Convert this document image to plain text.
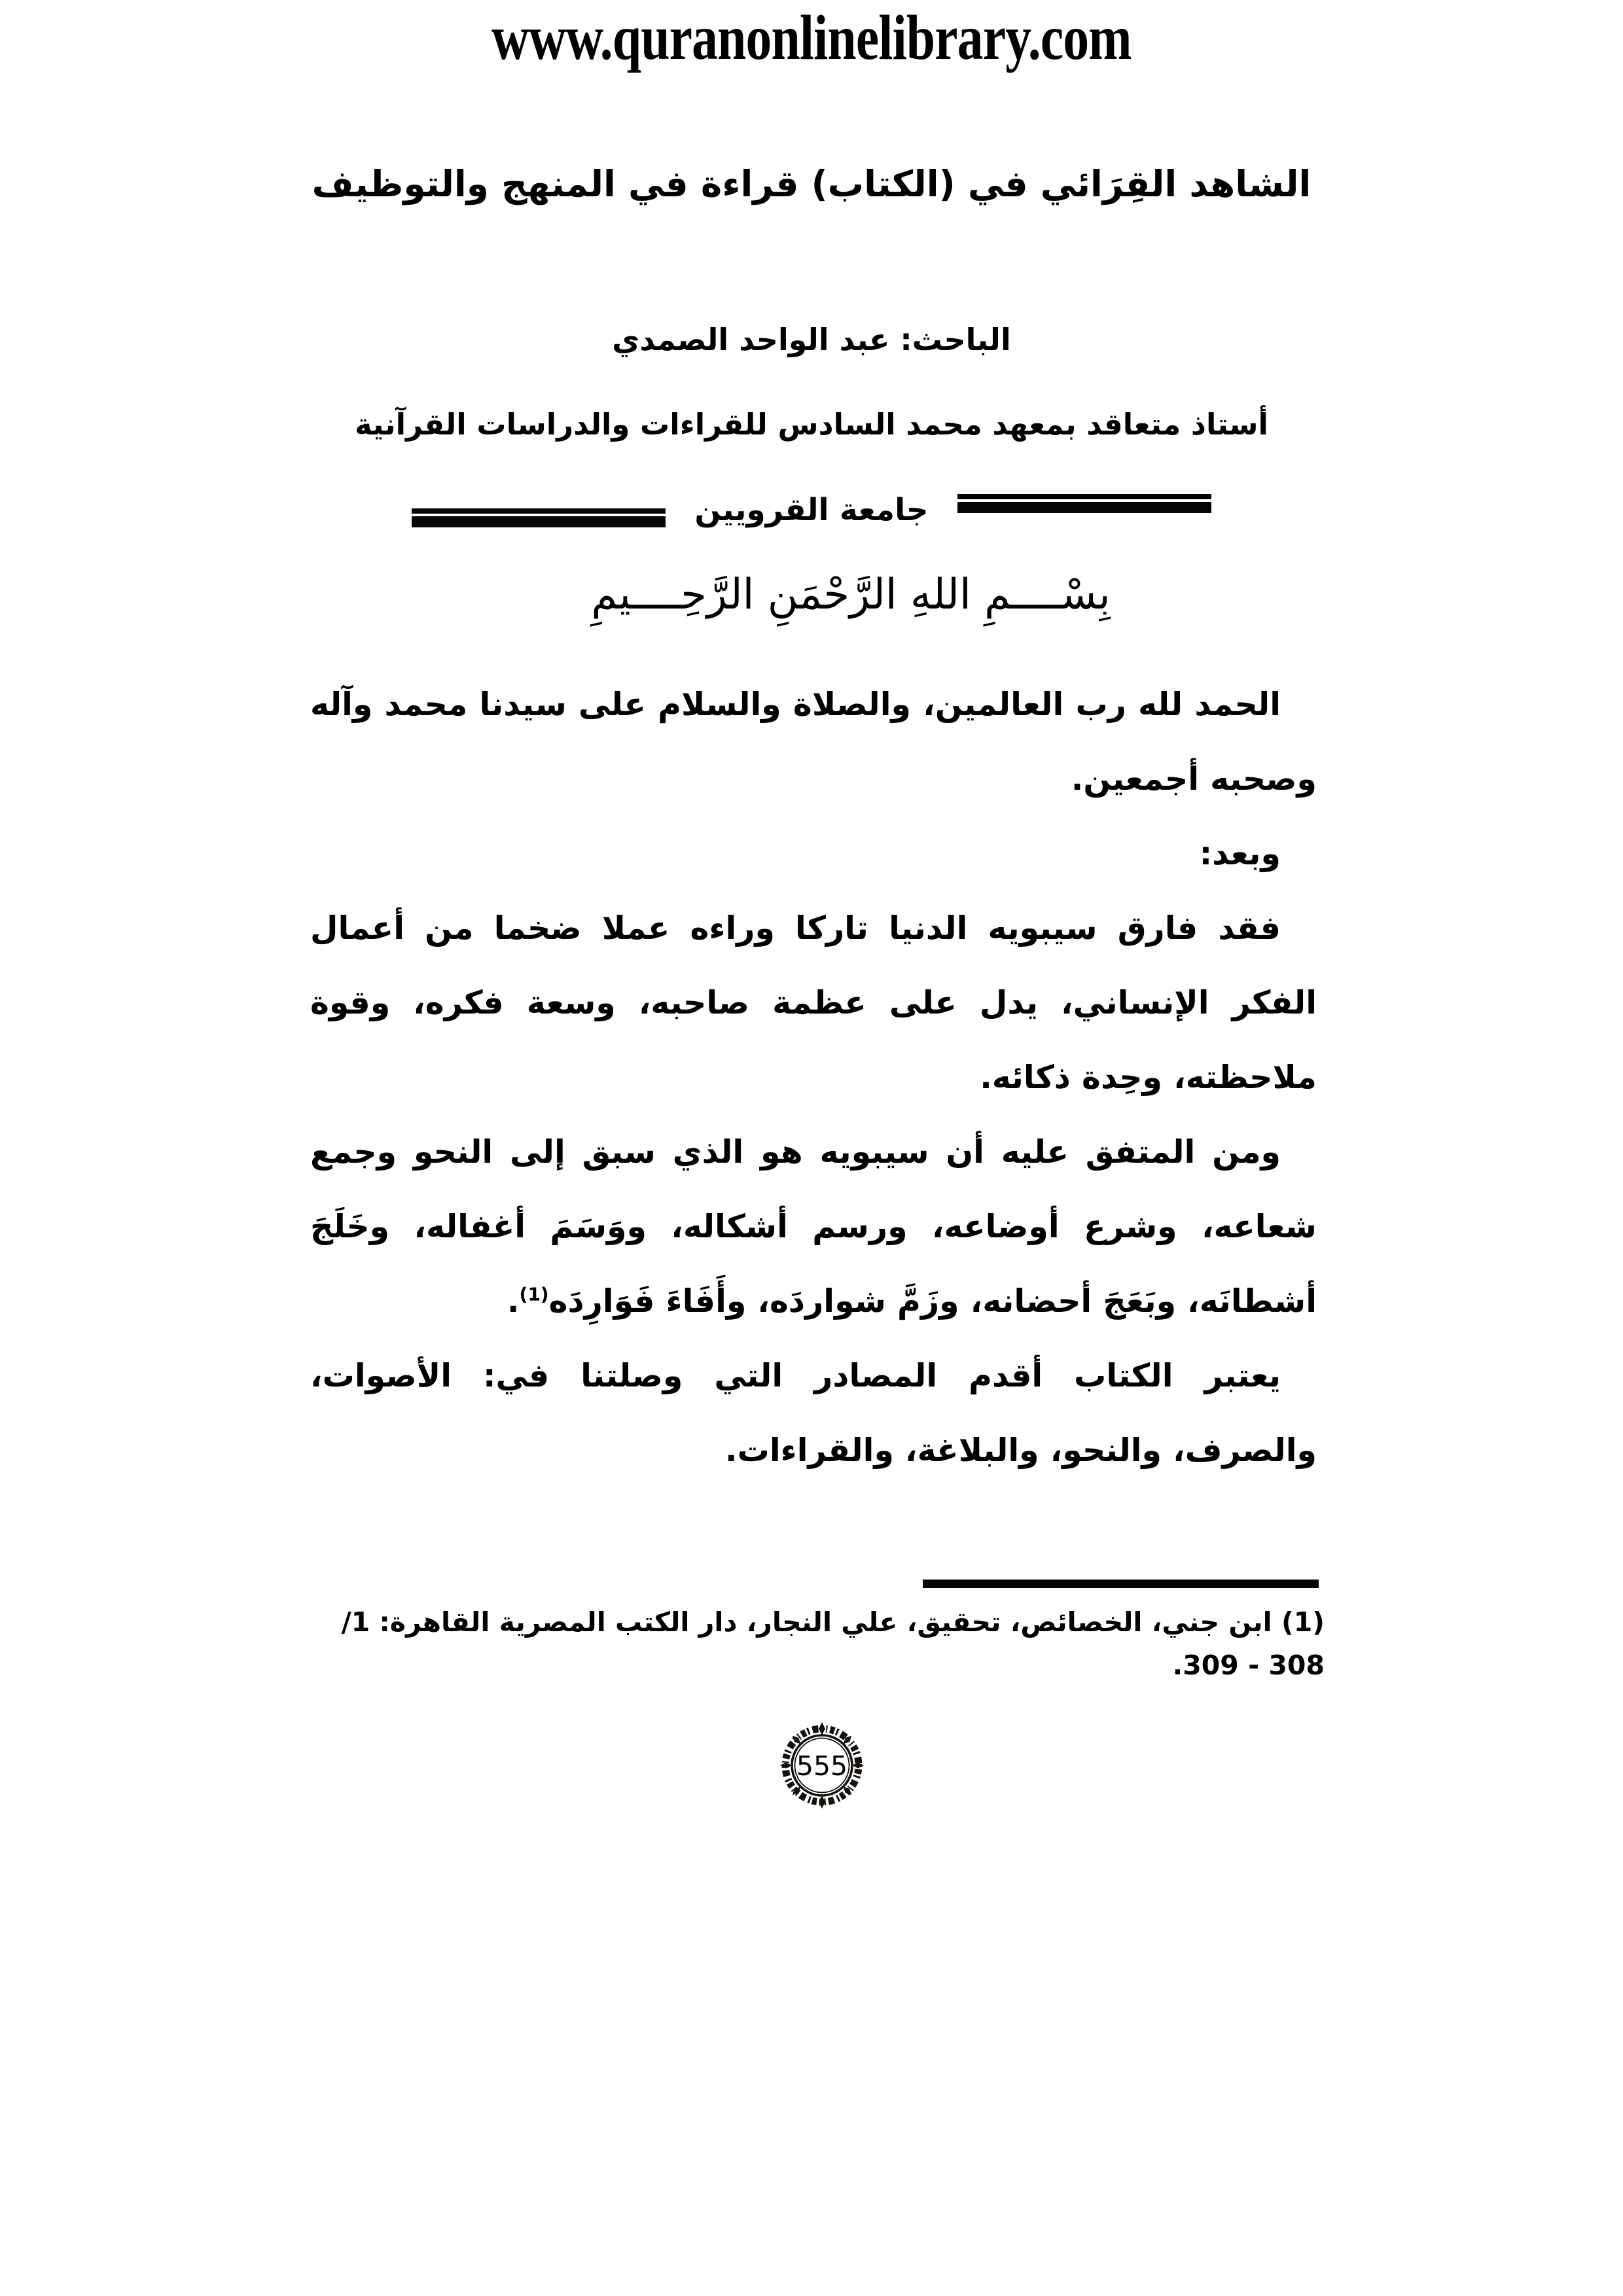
www.quranonlinelibrary.com
الشاهد القِرَائي في (الكتاب) قراءة في المنهج والتوظيف
الباحث: عبد الواحد الصمدي
أستاذ متعاقد بمعهد محمد السادس للقراءات والدراسات القرآنية
جامعة القرويين
بِسْــــمِ اللهِ الرَّحْمَنِ الرَّحِــــيمِ

الحمد لله رب العالمين، والصلاة والسلام على سيدنا محمد وآله وصحبه أجمعين.

وبعد:

فقد فارق سيبويه الدنيا تاركا وراءه عملا ضخما من أعمال الفكر الإنساني، يدل على عظمة صاحبه، وسعة فكره، وقوة ملاحظته، وحِدة ذكائه.

ومن المتفق عليه أن سيبويه هو الذي سبق إلى النحو وجمع شعاعه، وشرع أوضاعه، ورسم أشكاله، ووَسَمَ أغفاله، وخَلَجَ أشطانَه، وبَعَجَ أحضانه، وزَمَّ شواردَه، وأَفَاءَ فَوَارِدَه$^{(1)}$.

يعتبر الكتاب أقدم المصادر التي وصلتنا في: الأصوات، والصرف، والنحو، والبلاغة، والقراءات.

(1) ابن جني، الخصائص، تحقيق، علي النجار، دار الكتب المصرية القاهرة: 1/ 308 - 309.
555
